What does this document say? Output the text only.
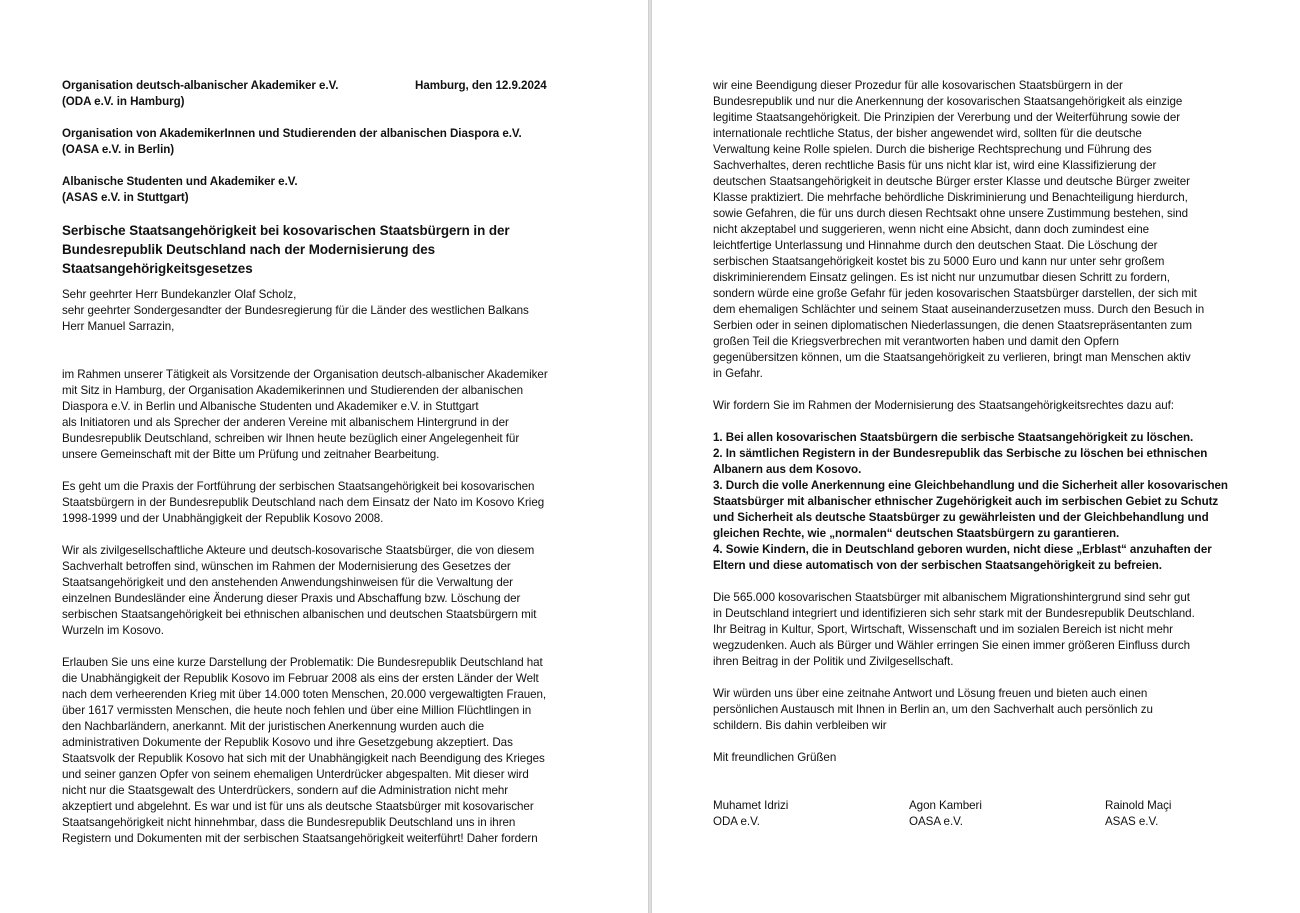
Organisation deutsch-albanischer Akademiker e.V.	Hamburg, den 12.9.2024
(ODA e.V. in Hamburg)
Organisation von AkademikerInnen und Studierenden der albanischen Diaspora e.V.
(OASA e.V. in Berlin)
Albanische Studenten und Akademiker e.V.
(ASAS e.V. in Stuttgart)
Serbische Staatsangehörigkeit bei kosovarischen Staatsbürgern in der
Bundesrepublik Deutschland nach der Modernisierung des
Staatsangehörigkeitsgesetzes
Sehr geehrter Herr Bundekanzler Olaf Scholz,
sehr geehrter Sondergesandter der Bundesregierung für die Länder des westlichen Balkans
Herr Manuel Sarrazin,
im Rahmen unserer Tätigkeit als Vorsitzende der Organisation deutsch-albanischer Akademiker
mit Sitz in Hamburg, der Organisation Akademikerinnen und Studierenden der albanischen
Diaspora e.V. in Berlin und Albanische Studenten und Akademiker e.V. in Stuttgart
als Initiatoren und als Sprecher der anderen Vereine mit albanischem Hintergrund in der
Bundesrepublik Deutschland, schreiben wir Ihnen heute bezüglich einer Angelegenheit für
unsere Gemeinschaft mit der Bitte um Prüfung und zeitnaher Bearbeitung.
Es geht um die Praxis der Fortführung der serbischen Staatsangehörigkeit bei kosovarischen
Staatsbürgern in der Bundesrepublik Deutschland nach dem Einsatz der Nato im Kosovo Krieg
1998-1999 und der Unabhängigkeit der Republik Kosovo 2008.
Wir als zivilgesellschaftliche Akteure und deutsch-kosovarische Staatsbürger, die von diesem
Sachverhalt betroffen sind, wünschen im Rahmen der Modernisierung des Gesetzes der
Staatsangehörigkeit und den anstehenden Anwendungshinweisen für die Verwaltung der
einzelnen Bundesländer eine Änderung dieser Praxis und Abschaffung bzw. Löschung der
serbischen Staatsangehörigkeit bei ethnischen albanischen und deutschen Staatsbürgern mit
Wurzeln im Kosovo.
Erlauben Sie uns eine kurze Darstellung der Problematik: Die Bundesrepublik Deutschland hat
die Unabhängigkeit der Republik Kosovo im Februar 2008 als eins der ersten Länder der Welt
nach dem verheerenden Krieg mit über 14.000 toten Menschen, 20.000 vergewaltigten Frauen,
über 1617 vermissten Menschen, die heute noch fehlen und über eine Million Flüchtlingen in
den Nachbarländern, anerkannt. Mit der juristischen Anerkennung wurden auch die
administrativen Dokumente der Republik Kosovo und ihre Gesetzgebung akzeptiert. Das
Staatsvolk der Republik Kosovo hat sich mit der Unabhängigkeit nach Beendigung des Krieges
und seiner ganzen Opfer von seinem ehemaligen Unterdrücker abgespalten. Mit dieser wird
nicht nur die Staatsgewalt des Unterdrückers, sondern auf die Administration nicht mehr
akzeptiert und abgelehnt. Es war und ist für uns als deutsche Staatsbürger mit kosovarischer
Staatsangehörigkeit nicht hinnehmbar, dass die Bundesrepublik Deutschland uns in ihren
Registern und Dokumenten mit der serbischen Staatsangehörigkeit weiterführt! Daher fordern
wir eine Beendigung dieser Prozedur für alle kosovarischen Staatsbürgern in der
Bundesrepublik und nur die Anerkennung der kosovarischen Staatsangehörigkeit als einzige
legitime Staatsangehörigkeit. Die Prinzipien der Vererbung und der Weiterführung sowie der
internationale rechtliche Status, der bisher angewendet wird, sollten für die deutsche
Verwaltung keine Rolle spielen. Durch die bisherige Rechtsprechung und Führung des
Sachverhaltes, deren rechtliche Basis für uns nicht klar ist, wird eine Klassifizierung der
deutschen Staatsangehörigkeit in deutsche Bürger erster Klasse und deutsche Bürger zweiter
Klasse praktiziert. Die mehrfache behördliche Diskriminierung und Benachteiligung hierdurch,
sowie Gefahren, die für uns durch diesen Rechtsakt ohne unsere Zustimmung bestehen, sind
nicht akzeptabel und suggerieren, wenn nicht eine Absicht, dann doch zumindest eine
leichtfertige Unterlassung und Hinnahme durch den deutschen Staat. Die Löschung der
serbischen Staatsangehörigkeit kostet bis zu 5000 Euro und kann nur unter sehr großem
diskriminierendem Einsatz gelingen. Es ist nicht nur unzumutbar diesen Schritt zu fordern,
sondern würde eine große Gefahr für jeden kosovarischen Staatsbürger darstellen, der sich mit
dem ehemaligen Schlächter und seinem Staat auseinanderzusetzen muss. Durch den Besuch in
Serbien oder in seinen diplomatischen Niederlassungen, die denen Staatsrepräsentanten zum
großen Teil die Kriegsverbrechen mit verantworten haben und damit den Opfern
gegenübersitzen können, um die Staatsangehörigkeit zu verlieren, bringt man Menschen aktiv
in Gefahr.
Wir fordern Sie im Rahmen der Modernisierung des Staatsangehörigkeitsrechtes dazu auf:
1. Bei allen kosovarischen Staatsbürgern die serbische Staatsangehörigkeit zu löschen.
2. In sämtlichen Registern in der Bundesrepublik das Serbische zu löschen bei ethnischen
Albanern aus dem Kosovo.
3. Durch die volle Anerkennung eine Gleichbehandlung und die Sicherheit aller kosovarischen
Staatsbürger mit albanischer ethnischer Zugehörigkeit auch im serbischen Gebiet zu Schutz
und Sicherheit als deutsche Staatsbürger zu gewährleisten und der Gleichbehandlung und
gleichen Rechte, wie „normalen“ deutschen Staatsbürgern zu garantieren.
4. Sowie Kindern, die in Deutschland geboren wurden, nicht diese „Erblast“ anzuhaften der
Eltern und diese automatisch von der serbischen Staatsangehörigkeit zu befreien.
Die 565.000 kosovarischen Staatsbürger mit albanischem Migrationshintergrund sind sehr gut
in Deutschland integriert und identifizieren sich sehr stark mit der Bundesrepublik Deutschland.
Ihr Beitrag in Kultur, Sport, Wirtschaft, Wissenschaft und im sozialen Bereich ist nicht mehr
wegzudenken. Auch als Bürger und Wähler erringen Sie einen immer größeren Einfluss durch
ihren Beitrag in der Politik und Zivilgesellschaft.
Wir würden uns über eine zeitnahe Antwort und Lösung freuen und bieten auch einen
persönlichen Austausch mit Ihnen in Berlin an, um den Sachverhalt auch persönlich zu
schildern. Bis dahin verbleiben wir
Mit freundlichen Grüßen
Muhamet Idrizi
ODA e.V.
Agon Kamberi
OASA e.V.
Rainold Maçi
ASAS e.V.
